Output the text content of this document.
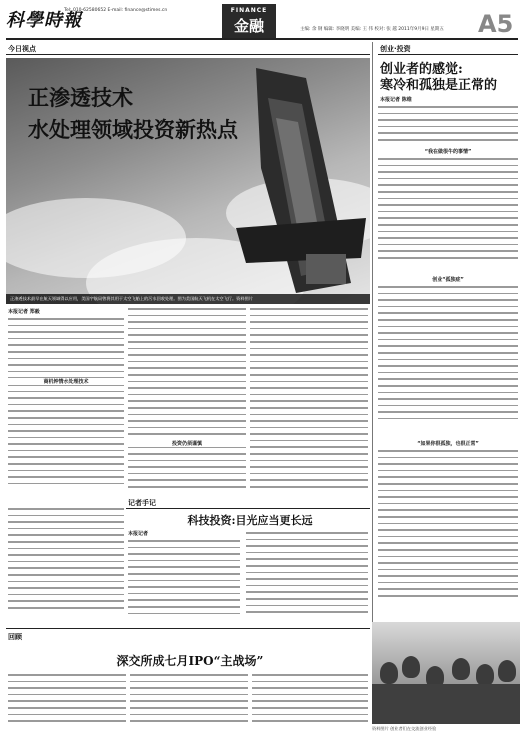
科學時報
Tel: 010-62580652 E-mail: finance@stimes.cn	FINANCE
金融	主编: 余 钢 编辑: 李晓明 美编: 王 伟 校对: 张 越 2011年9月9日 星期五 A5
今日视点
正渗透技术
水处理领域投资新热点
正渗透技术最早在航天领域得以应用，美国宇航局曾将其用于太空飞船上的污水回收处理。图为美国航天飞机在太空飞行。资料图片
本报记者 郑毅
商机钟情水处理技术
投资仍须谨慎
记者手记
科技投资:目光应当更长远
本报记者
回顾
深交所成七月IPO“主战场”
创业·投资
创业者的感觉:
寒冷和孤独是正常的
本报记者 陈维
“我在做很牛的事情”
创业“孤独症”
“如果你很孤独，也很正常”
资料图片 创业者们在交流创业经验
